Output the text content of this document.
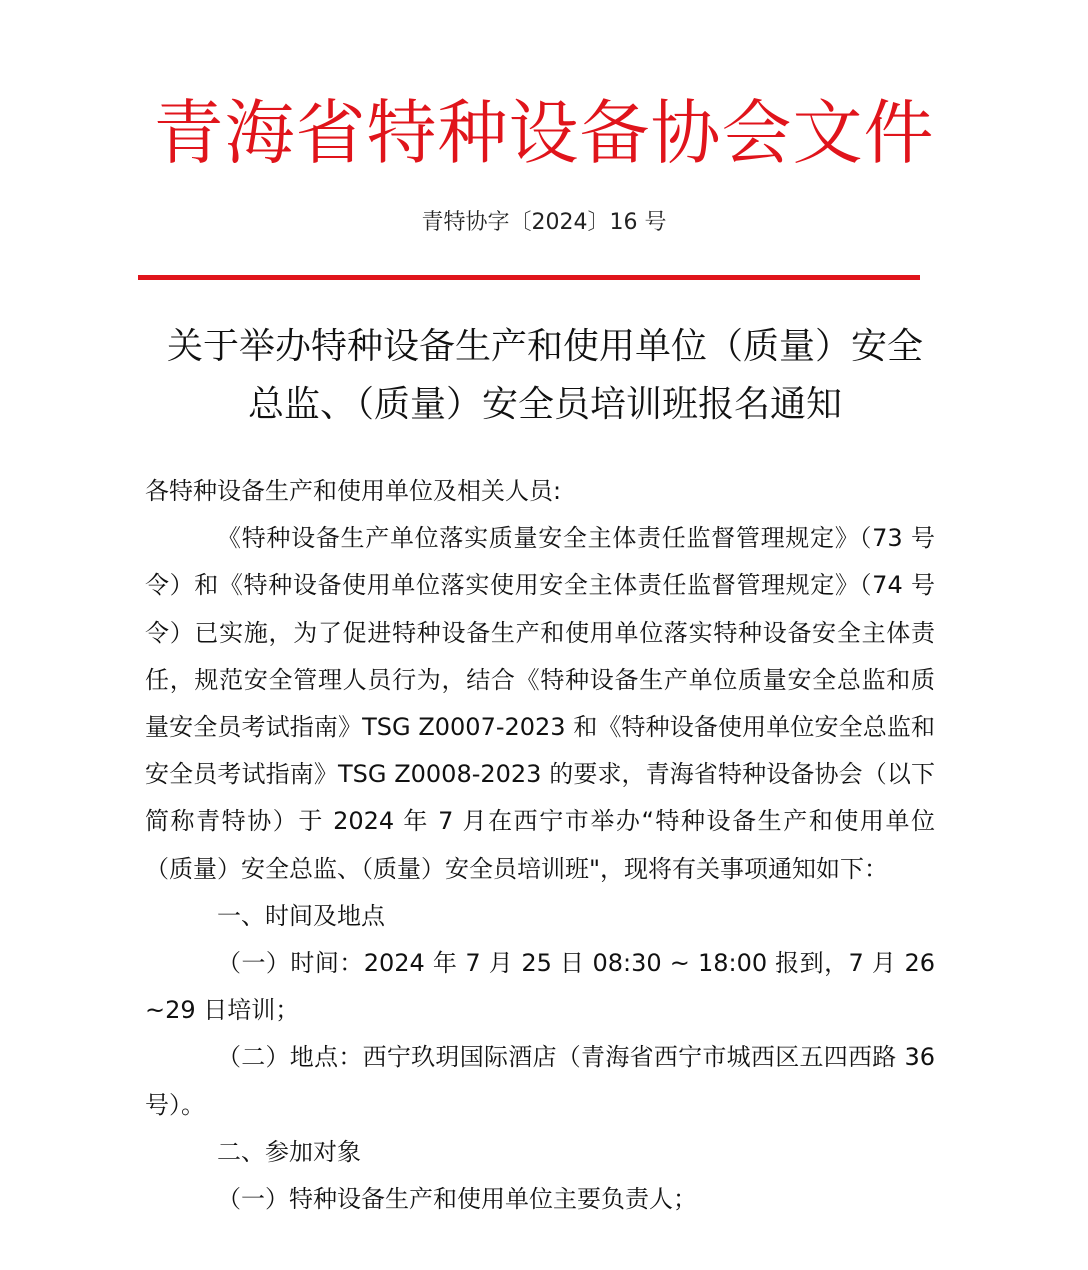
青海省特种设备协会文件
青特协字〔2024〕16 号
关于举办特种设备生产和使用单位（质量）安全
总监、（质量）安全员培训班报名通知

各特种设备生产和使用单位及相关人员:

《特种设备生产单位落实质量安全主体责任监督管理规定》（73 号令）和《特种设备使用单位落实使用安全主体责任监督管理规定》（74 号令）已实施，为了促进特种设备生产和使用单位落实特种设备安全主体责任，规范安全管理人员行为，结合《特种设备生产单位质量安全总监和质量安全员考试指南》TSG Z0007-2023 和《特种设备使用单位安全总监和安全员考试指南》TSG Z0008-2023 的要求，青海省特种设备协会（以下简称青特协）于 2024 年 7 月在西宁市举办“特种设备生产和使用单位（质量）安全总监、（质量）安全员培训班"，现将有关事项通知如下：

一、时间及地点

（一）时间：2024 年 7 月 25 日 08:30 ~ 18:00 报到，7 月 26 ~29 日培训；

（二）地点：西宁玖玥国际酒店（青海省西宁市城西区五四西路 36 号）。

二、参加对象

（一）特种设备生产和使用单位主要负责人；
